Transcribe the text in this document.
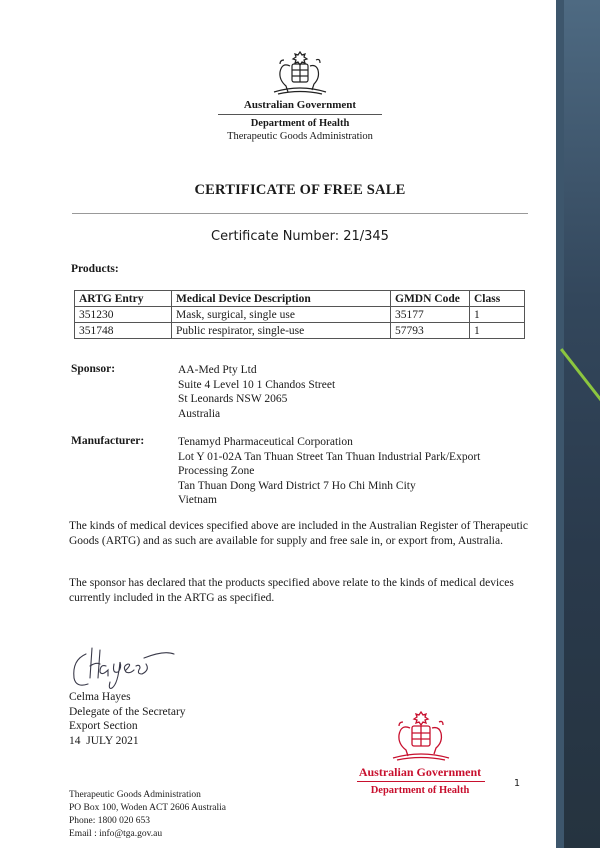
Australian Government
Department of Health
Therapeutic Goods Administration
CERTIFICATE OF FREE SALE
Certificate Number: 21/345
Products:
ARTG Entry	Medical Device Description	GMDN Code	Class
351230	Mask, surgical, single use	35177	1
351748	Public respirator, single-use	57793	1
Sponsor:	AA-Med Pty Ltd
Suite 4 Level 10 1 Chandos Street
St Leonards NSW 2065
Australia
Manufacturer:	Tenamyd Pharmaceutical Corporation
Lot Y 01-02A Tan Thuan Street Tan Thuan Industrial Park/Export
Processing Zone
Tan Thuan Dong Ward District 7 Ho Chi Minh City
Vietnam
The kinds of medical devices specified above are included in the Australian Register of Therapeutic Goods (ARTG) and as such are available for supply and free sale in, or export from, Australia.
The sponsor has declared that the products specified above relate to the kinds of medical devices currently included in the ARTG as specified.
Celma Hayes
Delegate of the Secretary
Export Section
14  JULY 2021
Australian Government
Department of Health
1
Therapeutic Goods Administration
PO Box 100, Woden ACT 2606 Australia
Phone: 1800 020 653
Email : info@tga.gov.au
